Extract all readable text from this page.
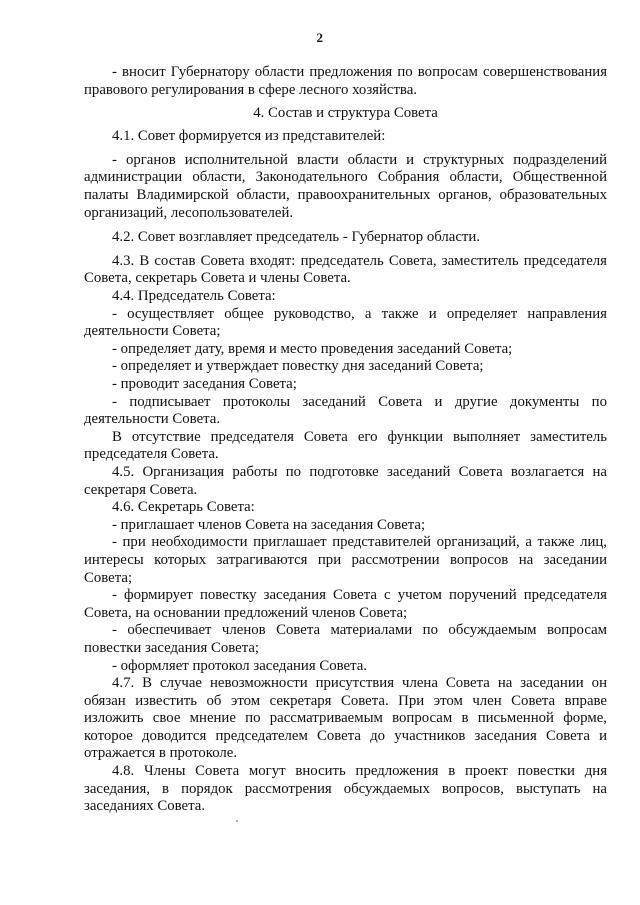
2

- вносит Губернатору области предложения по вопросам совершенствования правового регулирования в сфере лесного хозяйства.

4. Состав и структура Совета

4.1. Совет формируется из представителей:

- органов исполнительной власти области и структурных подразделений администрации области, Законодательного Собрания области, Общественной палаты Владимирской области, правоохранительных органов, образовательных организаций, лесопользователей.

4.2. Совет возглавляет председатель - Губернатор области.

4.3. В состав Совета входят: председатель Совета, заместитель председателя Совета, секретарь Совета и члены Совета.

4.4. Председатель Совета:

- осуществляет общее руководство, а также и определяет направления деятельности Совета;

- определяет дату, время и место проведения заседаний Совета;

- определяет и утверждает повестку дня заседаний Совета;

- проводит заседания Совета;

- подписывает протоколы заседаний Совета и другие документы по деятельности Совета.

В отсутствие председателя Совета его функции выполняет заместитель председателя Совета.

4.5. Организация работы по подготовке заседаний Совета возлагается на секретаря Совета.

4.6. Секретарь Совета:

- приглашает членов Совета на заседания Совета;

- при необходимости приглашает представителей организаций, а также лиц, интересы которых затрагиваются при рассмотрении вопросов на заседании Совета;

- формирует повестку заседания Совета с учетом поручений председателя Совета, на основании предложений членов Совета;

- обеспечивает членов Совета материалами по обсуждаемым вопросам повестки заседания Совета;

- оформляет протокол заседания Совета.

4.7. В случае невозможности присутствия члена Совета на заседании он обязан известить об этом секретаря Совета. При этом член Совета вправе изложить свое мнение по рассматриваемым вопросам в письменной форме, которое доводится председателем Совета до участников заседания Совета и отражается в протоколе.

4.8. Члены Совета могут вносить предложения в проект повестки дня заседания, в порядок рассмотрения обсуждаемых вопросов, выступать на заседаниях Совета.
